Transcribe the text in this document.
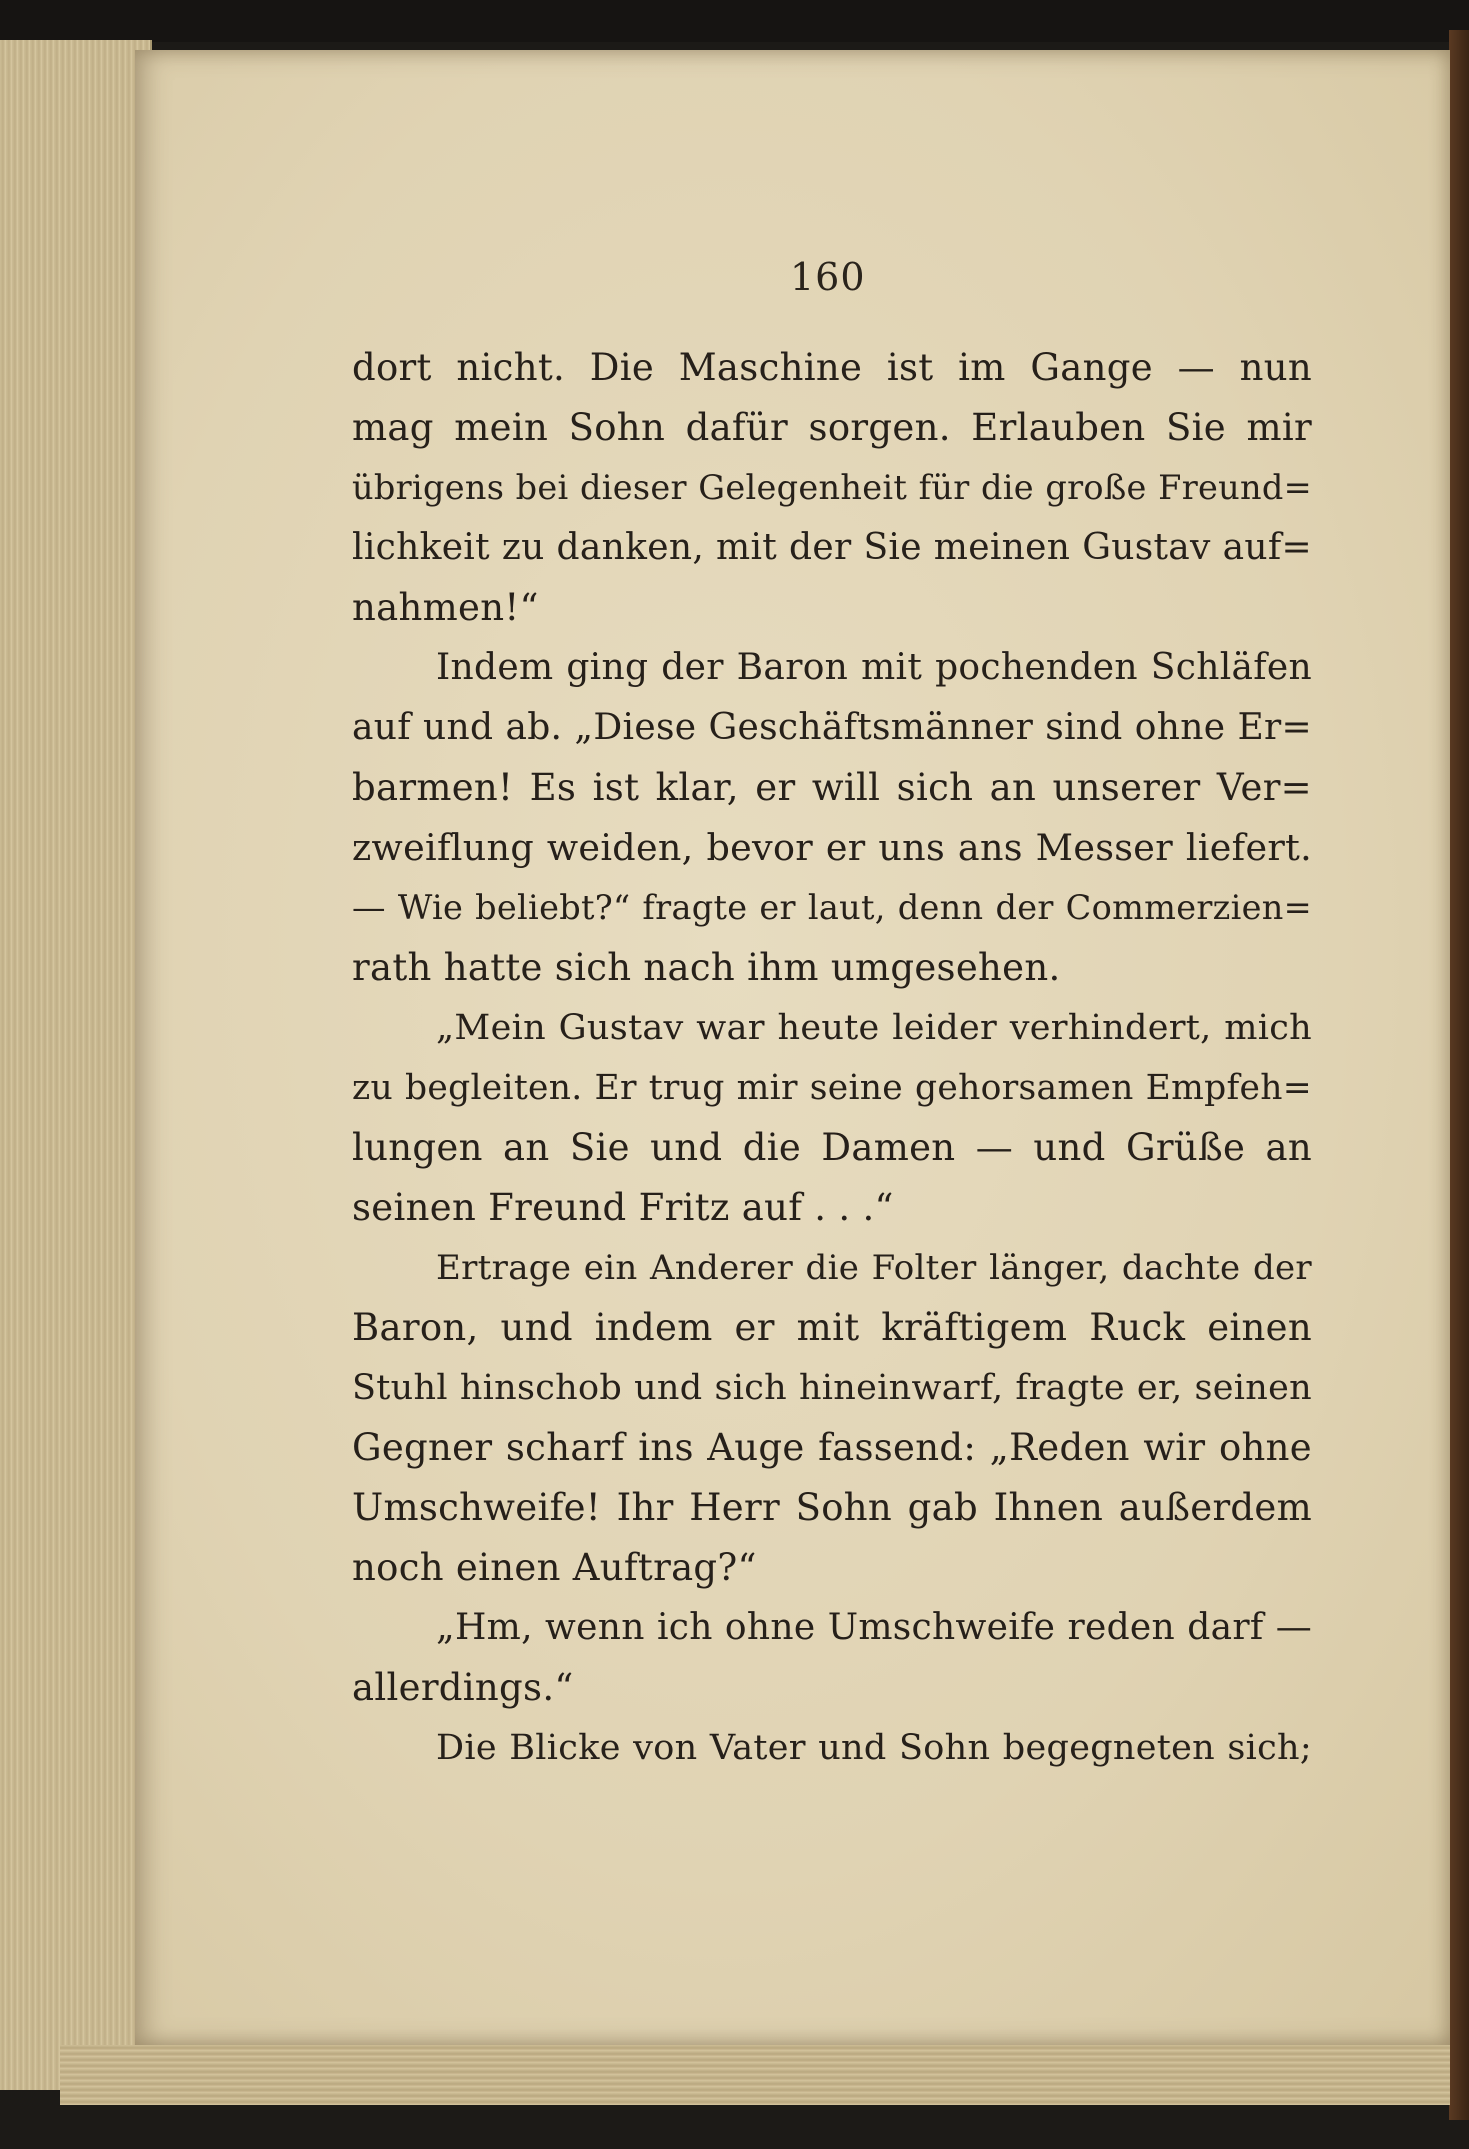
160
dort nicht. Die Maschine ist im Gange — nun
mag mein Sohn dafür sorgen. Erlauben Sie mir
übrigens bei dieser Gelegenheit für die große Freund=
lichkeit zu danken, mit der Sie meinen Gustav auf=
nahmen!“
Indem ging der Baron mit pochenden Schläfen
auf und ab. „Diese Geschäftsmänner sind ohne Er=
barmen! Es ist klar, er will sich an unserer Ver=
zweiflung weiden, bevor er uns ans Messer liefert.
— Wie beliebt?“ fragte er laut, denn der Commerzien=
rath hatte sich nach ihm umgesehen.
„Mein Gustav war heute leider verhindert, mich
zu begleiten. Er trug mir seine gehorsamen Empfeh=
lungen an Sie und die Damen — und Grüße an
seinen Freund Fritz auf . . .“
Ertrage ein Anderer die Folter länger, dachte der
Baron, und indem er mit kräftigem Ruck einen
Stuhl hinschob und sich hineinwarf, fragte er, seinen
Gegner scharf ins Auge fassend: „Reden wir ohne
Umschweife! Ihr Herr Sohn gab Ihnen außerdem
noch einen Auftrag?“
„Hm, wenn ich ohne Umschweife reden darf —
allerdings.“
Die Blicke von Vater und Sohn begegneten sich;
